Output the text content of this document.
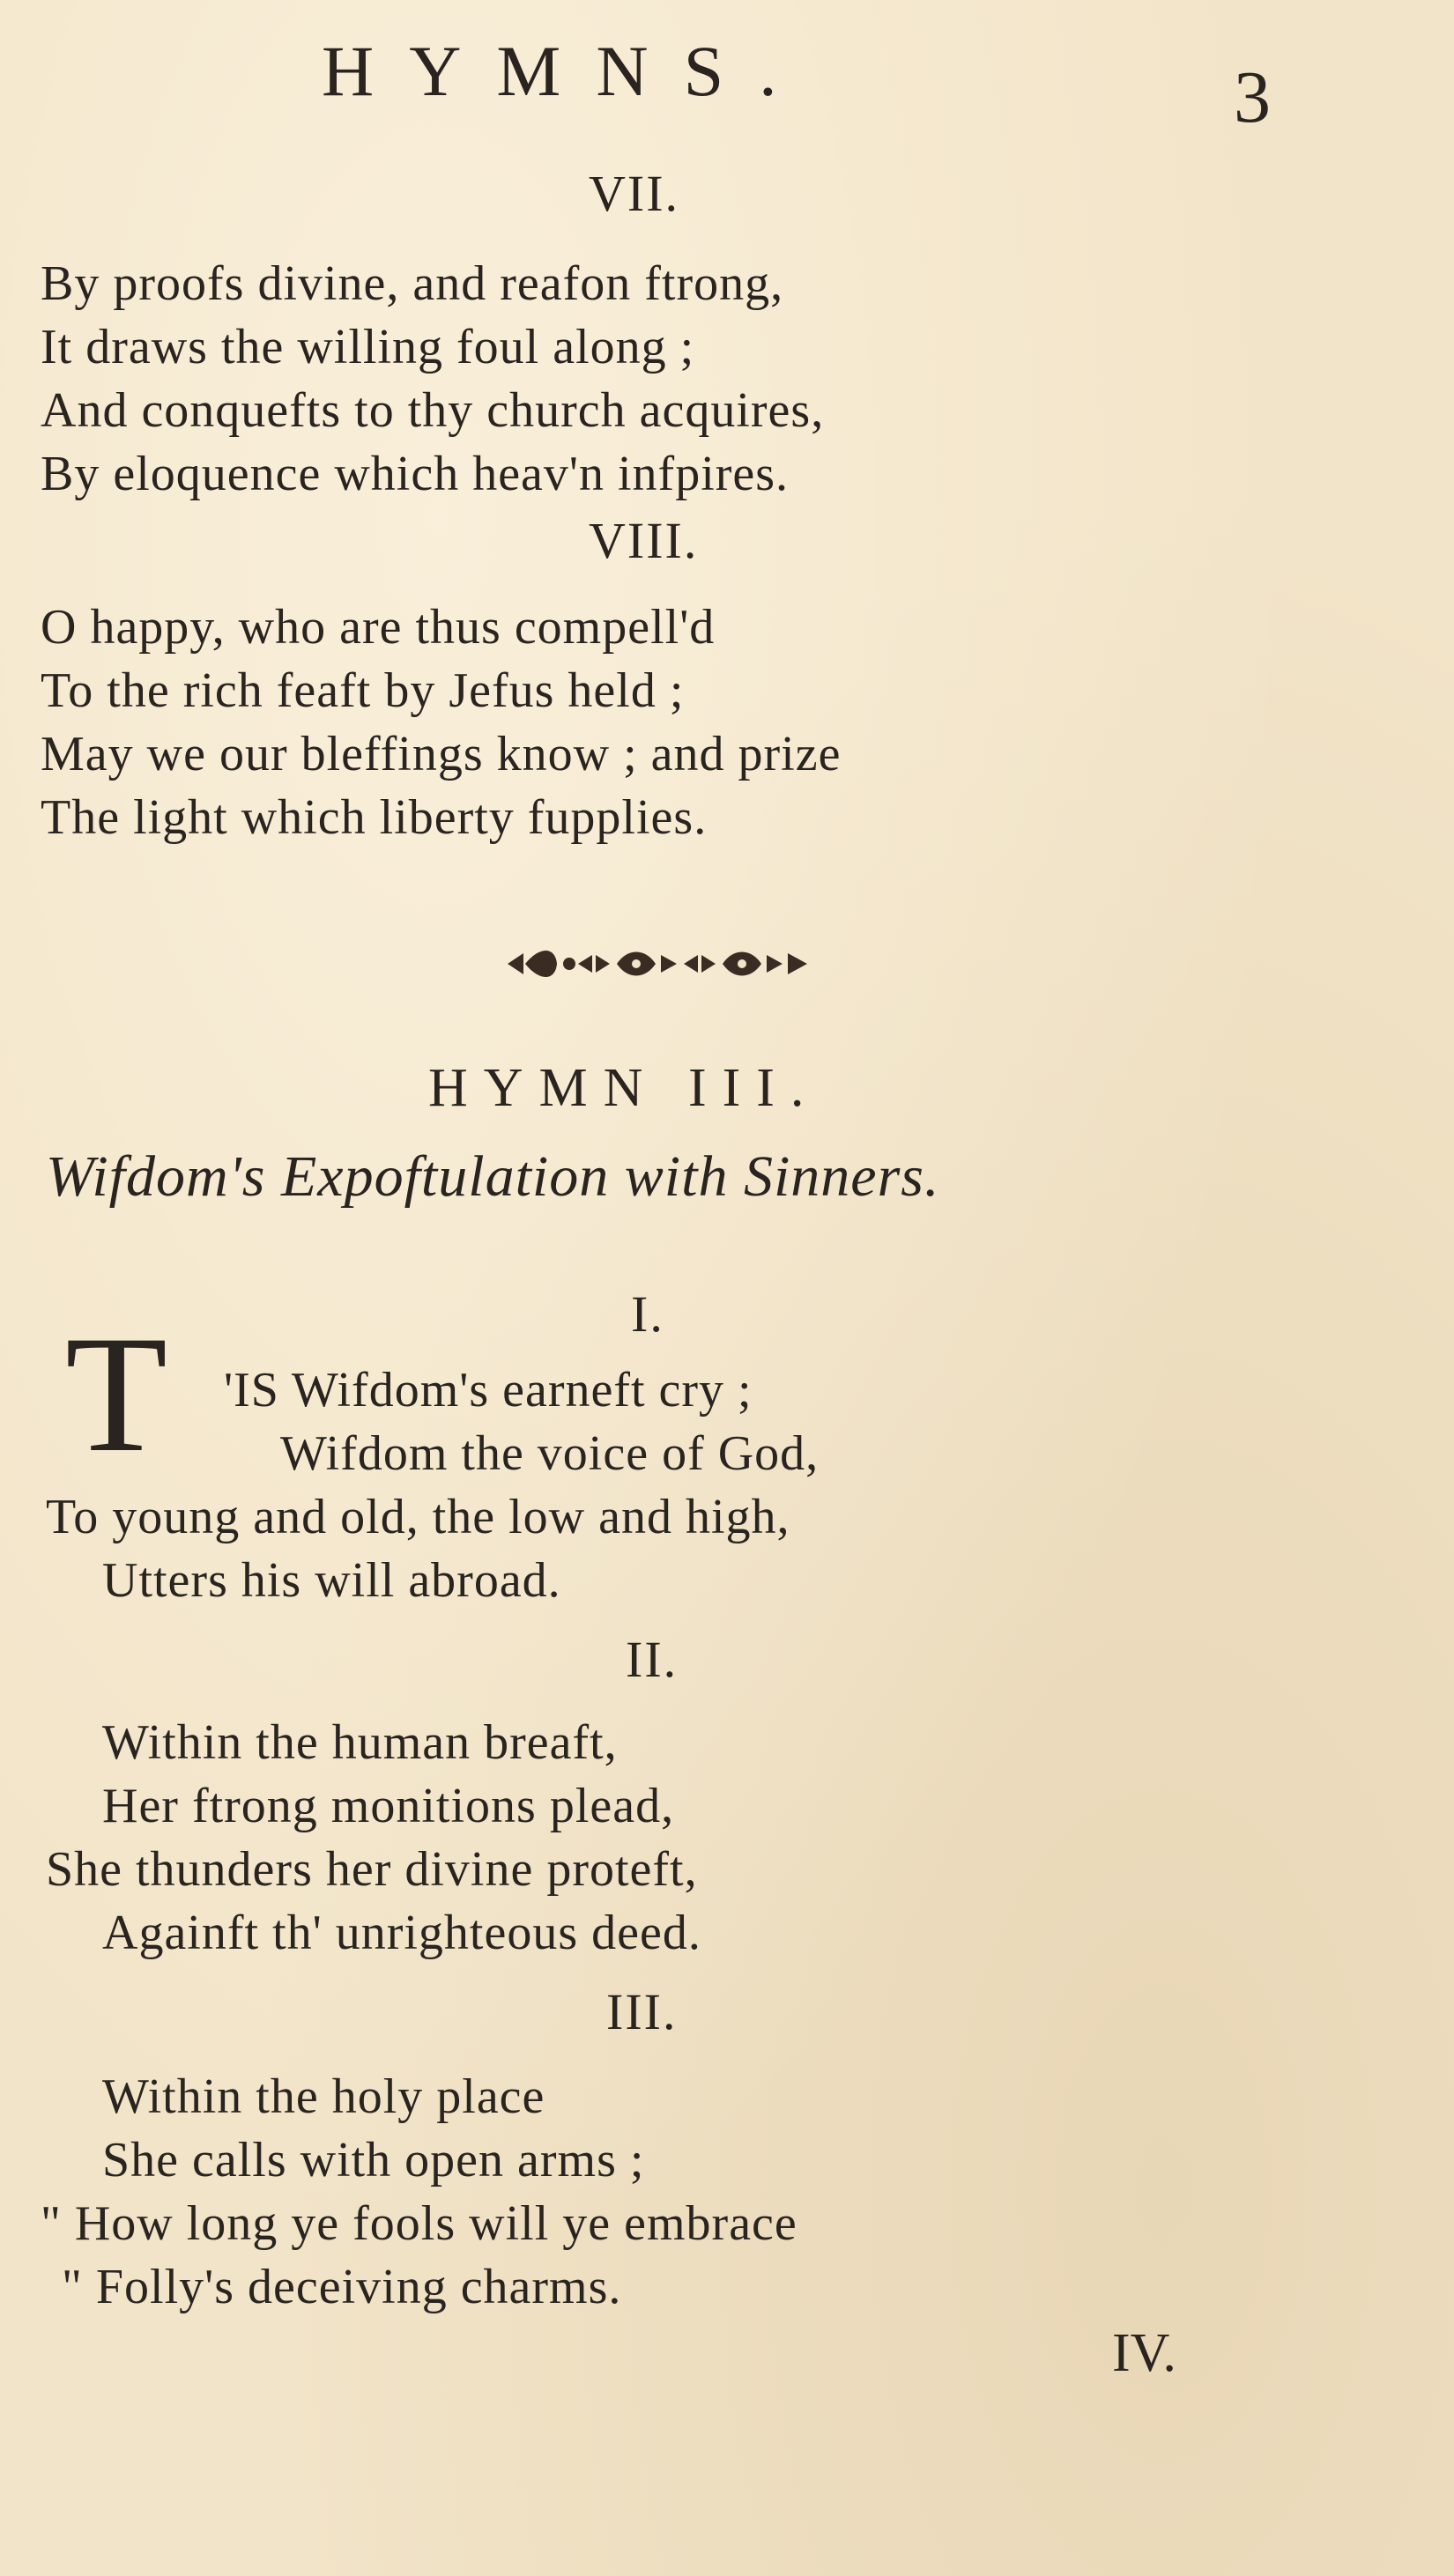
HYMNS.	3
VII.
By proofs divine, and reafon ftrong,
It draws the willing foul along ;
And conquefts to thy church acquires,
By eloquence which heav'n infpires.
VIII.
O happy, who are thus compell'd
To the rich feaft by Jefus held ;
May we our bleffings know ; and prize
The light which liberty fupplies.
HYMN III.
Wifdom's Expoftulation with Sinners.
I.
T 'IS Wifdom's earneft cry ;
Wifdom the voice of God,
To young and old, the low and high,
Utters his will abroad.
II.
Within the human breaft,
Her ftrong monitions plead,
She thunders her divine proteft,
Againft th' unrighteous deed.
III.
Within the holy place
She calls with open arms ;
" How long ye fools will ye embrace
" Folly's deceiving charms.
IV.
